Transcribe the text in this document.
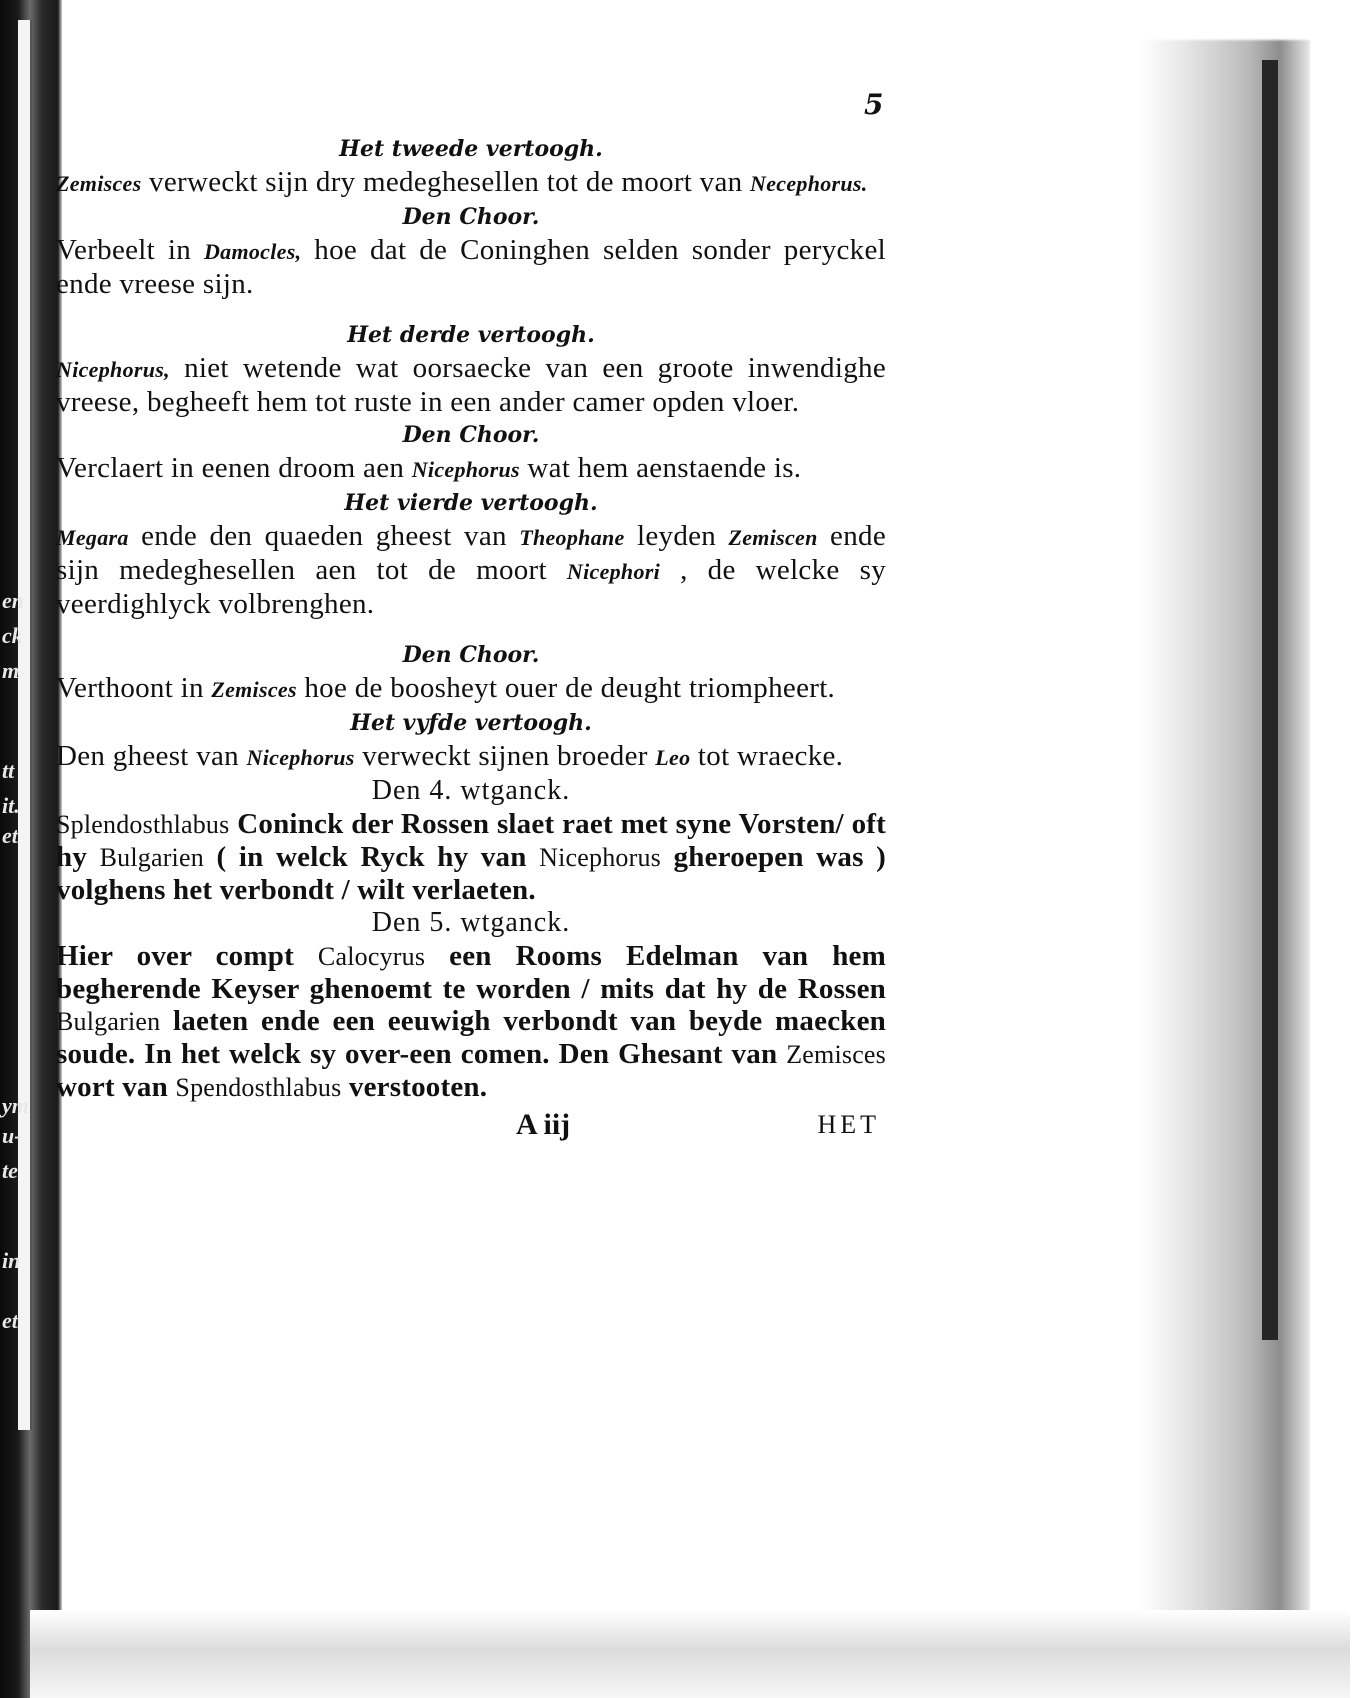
en
ck
m
tt
it.
et
ym
u-
te
in
et
5

Het tweede vertoogh.

Zemisces verweckt sijn dry medeghesellen tot de moort van Necephorus.

Den Choor.

Verbeelt in Damocles, hoe dat de Coninghen selden sonder peryckel ende vreese sijn.

Het derde vertoogh.

Nicephorus, niet wetende wat oorsaecke van een groote inwendighe vreese, begheeft hem tot ruste in een ander camer opden vloer.

Den Choor.

Verclaert in eenen droom aen Nicephorus wat hem aenstaende is.

Het vierde vertoogh.

Megara ende den quaeden gheest van Theophane leyden Zemiscen ende sijn medeghesellen aen tot de moort Nicephori , de welcke sy veerdighlyck volbrenghen.

Den Choor.

Verthoont in Zemisces hoe de boosheyt ouer de deught triompheert.

Het vyfde vertoogh.

Den gheest van Nicephorus verweckt sijnen broeder Leo tot wraecke.

Den 4. wtganck.

Splendosthlabus Coninck der Rossen slaet raet met syne Vorsten/ oft hy Bulgarien ( in welck Ryck hy van Nicephorus gheroepen was ) volghens het verbondt / wilt verlaeten.

Den 5. wtganck.

Hier over compt Calocyrus een Rooms Edelman van hem begherende Keyser ghenoemt te worden / mits dat hy de Rossen Bulgarien laeten ende een eeuwigh verbondt van beyde maecken soude. In het welck sy over-een comen. Den Ghesant van Zemisces wort van Spendosthlabus verstooten.

A iij	HET
